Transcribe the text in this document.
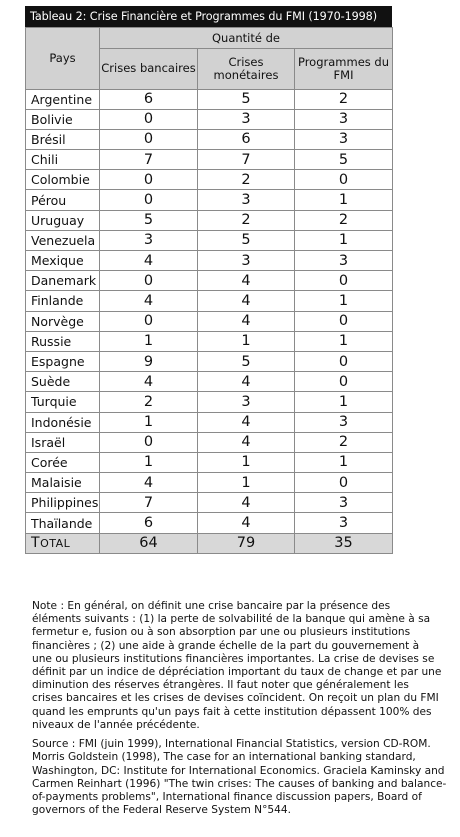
Tableau 2: Crise Financière et Programmes du FMI (1970-1998)
	Quantité de		
Pays	Crises bancaires	Crises monétaires	Programmes du FMI
Argentine	6	5	2
Bolivie	0	3	3
Brésil	0	6	3
Chili	7	7	5
Colombie	0	2	0
Pérou	0	3	1
Uruguay	5	2	2
Venezuela	3	5	1
Mexique	4	3	3
Danemark	0	4	0
Finlande	4	4	1
Norvège	0	4	0
Russie	1	1	1
Espagne	9	5	0
Suède	4	4	0
Turquie	2	3	1
Indonésie	1	4	3
Israël	0	4	2
Corée	1	1	1
Malaisie	4	1	0
Philippines	7	4	3
Thaïlande	6	4	3
TOTAL	64	79	35
Note : En général, on définit une crise bancaire par la présence des éléments suivants : (1) la perte de solvabilité de la banque qui amène à sa fermetur e, fusion ou à son absorption par une ou plusieurs institutions financières ; (2) une aide à grande échelle de la part du gouvernement à une ou plusieurs institutions financières importantes. La crise de devises se définit par un indice de dépréciation important du taux de change et par une diminution des réserves étrangères. Il faut noter que généralement les crises bancaires et les crises de devises coïncident. On reçoit un plan du FMI quand les emprunts qu'un pays fait à cette institution dépassent 100% des niveaux de l'année précédente.
Source : FMI (juin 1999), International Financial Statistics, version CD-ROM. Morris Goldstein (1998), The case for an international banking standard, Washington, DC: Institute for International Economics. Graciela Kaminsky and Carmen Reinhart (1996) "The twin crises: The causes of banking and balance-of-payments problems", International finance discussion papers, Board of governors of the Federal Reserve System N°544.
